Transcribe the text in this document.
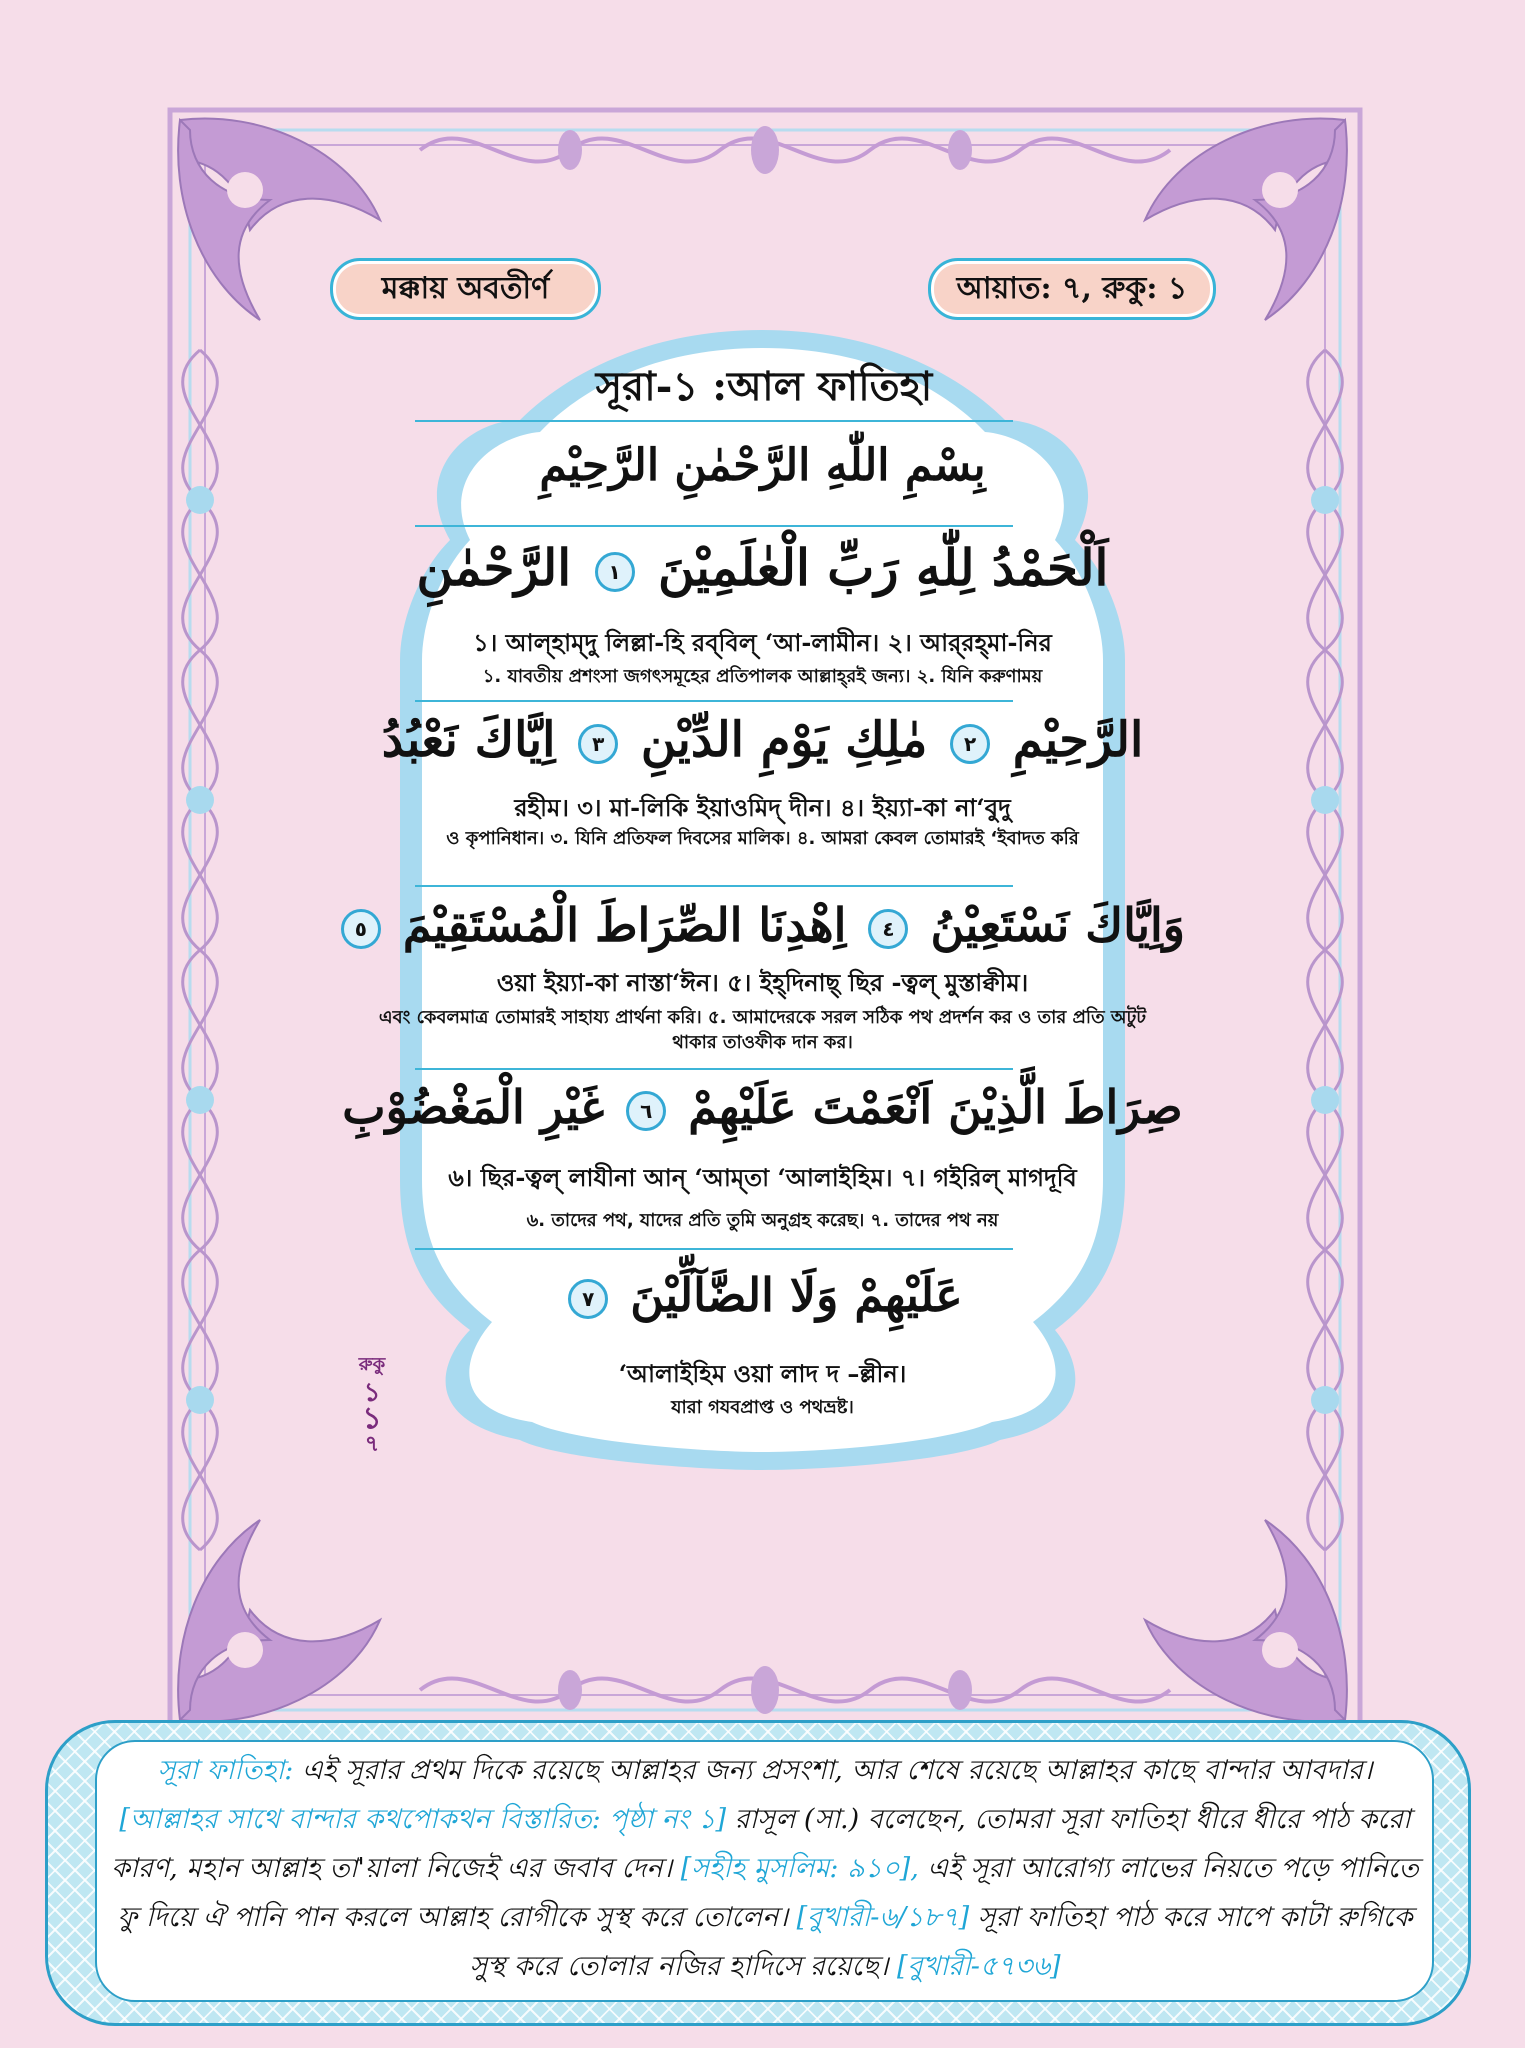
মক্কায় অবতীর্ণ	আয়াত: ৭, রুকু: ১
সূরা-১ :আল ফাতিহা
بِسْمِ اللّٰهِ الرَّحْمٰنِ الرَّحِيْمِ
اَلْحَمْدُ لِلّٰهِ رَبِّ الْعٰلَمِيْنَ ١ الرَّحْمٰنِ
১। আল্‌হাম্‌দু লিল্লা-হি রব্‌বিল্‌ ‘আ-লামীন। ২। আর্‌রহ্‌মা-নির
১. যাবতীয় প্রশংসা জগৎসমূহের প্রতিপালক আল্লাহ্‌রই জন্য। ২. যিনি করুণাময়
الرَّحِيْمِ ٢ مٰلِكِ يَوْمِ الدِّيْنِ ٣ اِيَّاكَ نَعْبُدُ
রহীম। ৩। মা-লিকি ইয়াওমিদ্‌ দীন। ৪। ইয়্যা-কা না‘বুদু
ও কৃপানিধান। ৩. যিনি প্রতিফল দিবসের মালিক। ৪. আমরা কেবল তোমারই ‘ইবাদত করি
وَاِيَّاكَ نَسْتَعِيْنُ ٤ اِهْدِنَا الصِّرَاطَ الْمُسْتَقِيْمَ ٥
ওয়া ইয়্যা-কা নাস্তা‘ঈন। ৫। ইহ্‌দিনাছ্‌ ছির -ত্বল্‌ মুস্তাক্বীম।
এবং কেবলমাত্র তোমারই সাহায্য প্রার্থনা করি। ৫. আমাদেরকে সরল সঠিক পথ প্রদর্শন কর ও তার প্রতি অটুট থাকার তাওফীক দান কর।
صِرَاطَ الَّذِيْنَ اَنْعَمْتَ عَلَيْهِمْ ٦ غَيْرِ الْمَغْضُوْبِ
৬। ছির-ত্বল্‌ লাযীনা আন্‌ ‘আম্‌তা ‘আলাইহিম। ৭। গইরিল্‌ মাগদূবি
৬. তাদের পথ, যাদের প্রতি তুমি অনুগ্রহ করেছ। ৭. তাদের পথ নয়
عَلَيْهِمْ وَلَا الضَّآلِّيْنَ ٧
‘আলাইহিম ওয়া লাদ দ –ল্লীন।
যারা গযবপ্রাপ্ত ও পথভ্রষ্ট।
রুকু
১
১
৭
সূরা ফাতিহা: এই সূরার প্রথম দিকে রয়েছে আল্লাহর জন্য প্রসংশা, আর শেষে রয়েছে আল্লাহর কাছে বান্দার আবদার। [আল্লাহর সাথে বান্দার কথপোকথন বিস্তারিত: পৃষ্ঠা নং ১] রাসূল (সা.) বলেছেন, তোমরা সূরা ফাতিহা ধীরে ধীরে পাঠ করো কারণ, মহান আল্লাহ তা'য়ালা নিজেই এর জবাব দেন। [সহীহ মুসলিম: ৯১০], এই সূরা আরোগ্য লাভের নিয়তে পড়ে পানিতে ফু দিয়ে ঐ পানি পান করলে আল্লাহ রোগীকে সুস্থ করে তোলেন। [বুখারী-৬/১৮৭] সূরা ফাতিহা পাঠ করে সাপে কাটা রুগিকে সুস্থ করে তোলার নজির হাদিসে রয়েছে। [বুখারী-৫৭৩৬]
